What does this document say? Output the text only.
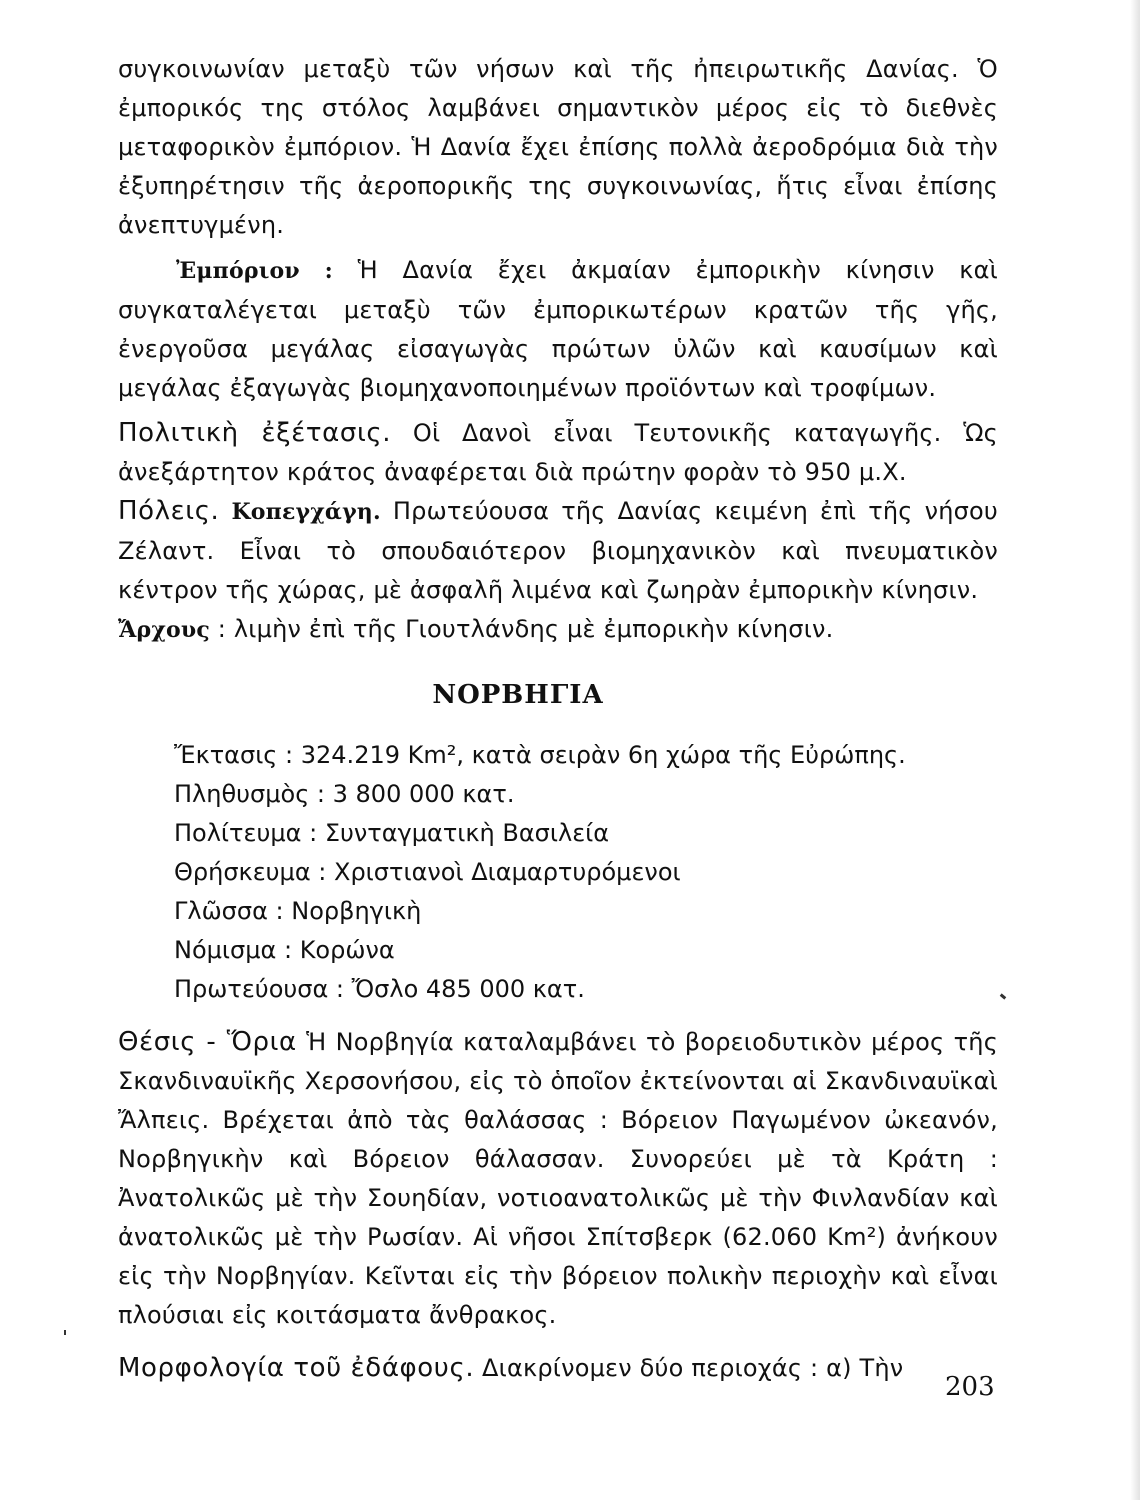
συγκοινωνίαν μεταξὺ τῶν νήσων καὶ τῆς ἠπειρωτικῆς Δανίας. Ὁ ἐμπορικός της στόλος λαμβάνει σημαντικὸν μέρος εἰς τὸ διεθνὲς μεταφορικὸν ἐμπόριον. Ἡ Δανία ἔχει ἐπίσης πολλὰ ἀεροδρόμια διὰ τὴν ἐξυπηρέτησιν τῆς ἀεροπορικῆς της συγκοινωνίας, ἥτις εἶναι ἐπίσης ἀνεπτυγμένη.

Ἐμπόριον : Ἡ Δανία ἔχει ἀκμαίαν ἐμπορικὴν κίνησιν καὶ συγκαταλέγεται μεταξὺ τῶν ἐμπορικωτέρων κρατῶν τῆς γῆς, ἐνεργοῦσα μεγάλας εἰσαγωγὰς πρώτων ὑλῶν καὶ καυσίμων καὶ μεγάλας ἐξαγωγὰς βιομηχανοποιημένων προϊόντων καὶ τροφίμων.

Πολιτικὴ ἐξέτασις. Οἱ Δανοὶ εἶναι Τευτονικῆς καταγωγῆς. Ὡς ἀνεξάρτητον κράτος ἀναφέρεται διὰ πρώτην φορὰν τὸ 950 μ.Χ.

Πόλεις. Κοπεγχάγη. Πρωτεύουσα τῆς Δανίας κειμένη ἐπὶ τῆς νήσου Ζέλαντ. Εἶναι τὸ σπουδαιότερον βιομηχανικὸν καὶ πνευματικὸν κέντρον τῆς χώρας, μὲ ἀσφαλῆ λιμένα καὶ ζωηρὰν ἐμπορικὴν κίνησιν.
Ἄρχους : λιμὴν ἐπὶ τῆς Γιουτλάνδης μὲ ἐμπορικὴν κίνησιν.

ΝΟΡΒΗΓΙΑ
Ἔκτασις : 324.219 Km², κατὰ σειρὰν 6η χώρα τῆς Εὐρώπης.
Πληθυσμὸς : 3 800 000 κατ.
Πολίτευμα : Συνταγματικὴ Βασιλεία
Θρήσκευμα : Χριστιανοὶ Διαμαρτυρόμενοι
Γλῶσσα : Νορβηγικὴ
Νόμισμα : Κορώνα
Πρωτεύουσα : Ὄσλο 485 000 κατ.

Θέσις - Ὅρια Ἡ Νορβηγία καταλαμβάνει τὸ βορειοδυτικὸν μέρος τῆς Σκανδιναυϊκῆς Χερσονήσου, εἰς τὸ ὁποῖον ἐκτείνονται αἱ Σκανδιναυϊκαὶ Ἄλπεις. Βρέχεται ἀπὸ τὰς θαλάσσας : Βόρειον Παγωμένον ὠκεανόν, Νορβηγικὴν καὶ Βόρειον θάλασσαν. Συνορεύει μὲ τὰ Κράτη : Ἀνατολικῶς μὲ τὴν Σουηδίαν, νοτιοανατολικῶς μὲ τὴν Φινλανδίαν καὶ ἀνατολικῶς μὲ τὴν Ρωσίαν. Αἱ νῆσοι Σπίτσβερκ (62.060 Km²) ἀνήκουν εἰς τὴν Νορβηγίαν. Κεῖνται εἰς τὴν βόρειον πολικὴν περιοχὴν καὶ εἶναι πλούσιαι εἰς κοιτάσματα ἄνθρακος.

Μορφολογία τοῦ ἐδάφους. Διακρίνομεν δύο περιοχάς : α) Τὴν

203
